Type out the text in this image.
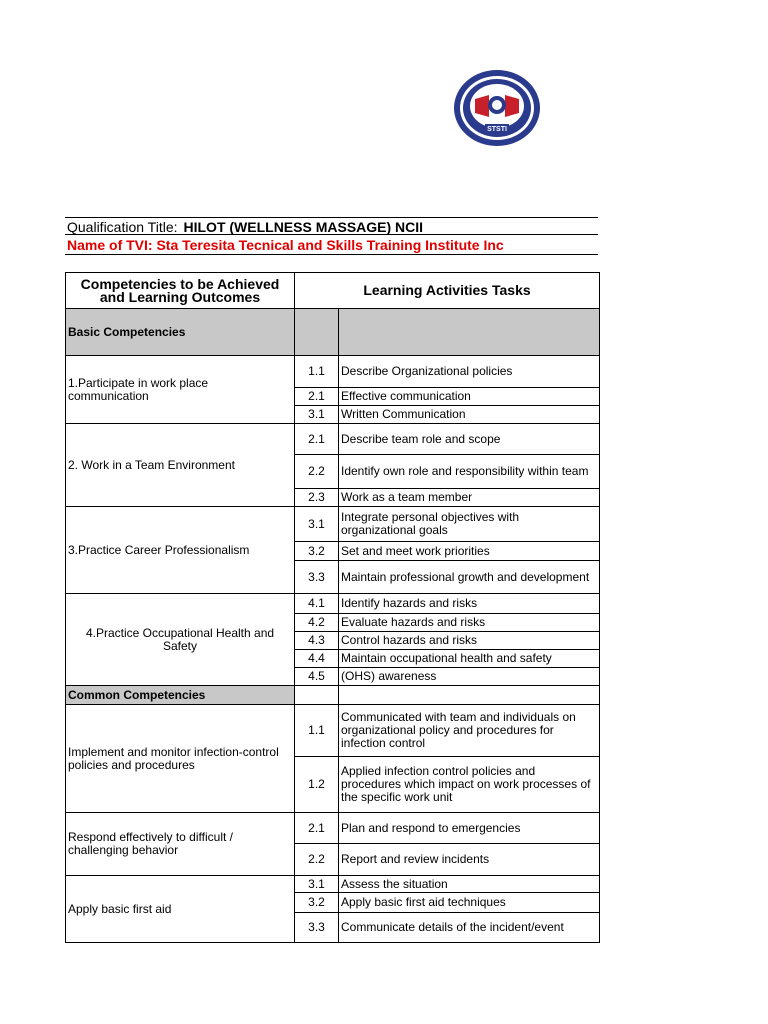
STSTI
Qualification Title: HILOT (WELLNESS MASSAGE) NCII
Name of TVI: Sta Teresita Tecnical and Skills Training Institute Inc
Competencies to be Achieved and Learning Outcomes	Learning Activities Tasks	
Basic Competencies		
1.Participate in work place communication	1.1	Describe Organizational policies
	2.1	Effective communication
	3.1	Written Communication
2. Work in a Team Environment	2.1	Describe team role and scope
	2.2	Identify own role and responsibility within team
	2.3	Work as a team member
3.Practice Career Professionalism	3.1	Integrate personal objectives with organizational goals
	3.2	Set and meet work priorities
	3.3	Maintain professional growth and development
4.Practice Occupational Health and Safety	4.1	Identify hazards and risks
	4.2	Evaluate hazards and risks
	4.3	Control hazards and risks
	4.4	Maintain occupational health and safety
	4.5	(OHS) awareness
Common Competencies		
Implement and monitor infection-control policies and procedures	1.1	Communicated with team and individuals on organizational policy and procedures for infection control
	1.2	Applied infection control policies and procedures which impact on work processes of the specific work unit
Respond effectively to difficult / challenging behavior	2.1	Plan and respond to emergencies
	2.2	Report and review incidents
Apply basic first aid	3.1	Assess the situation
	3.2	Apply basic first aid techniques
	3.3	Communicate details of the incident/event
